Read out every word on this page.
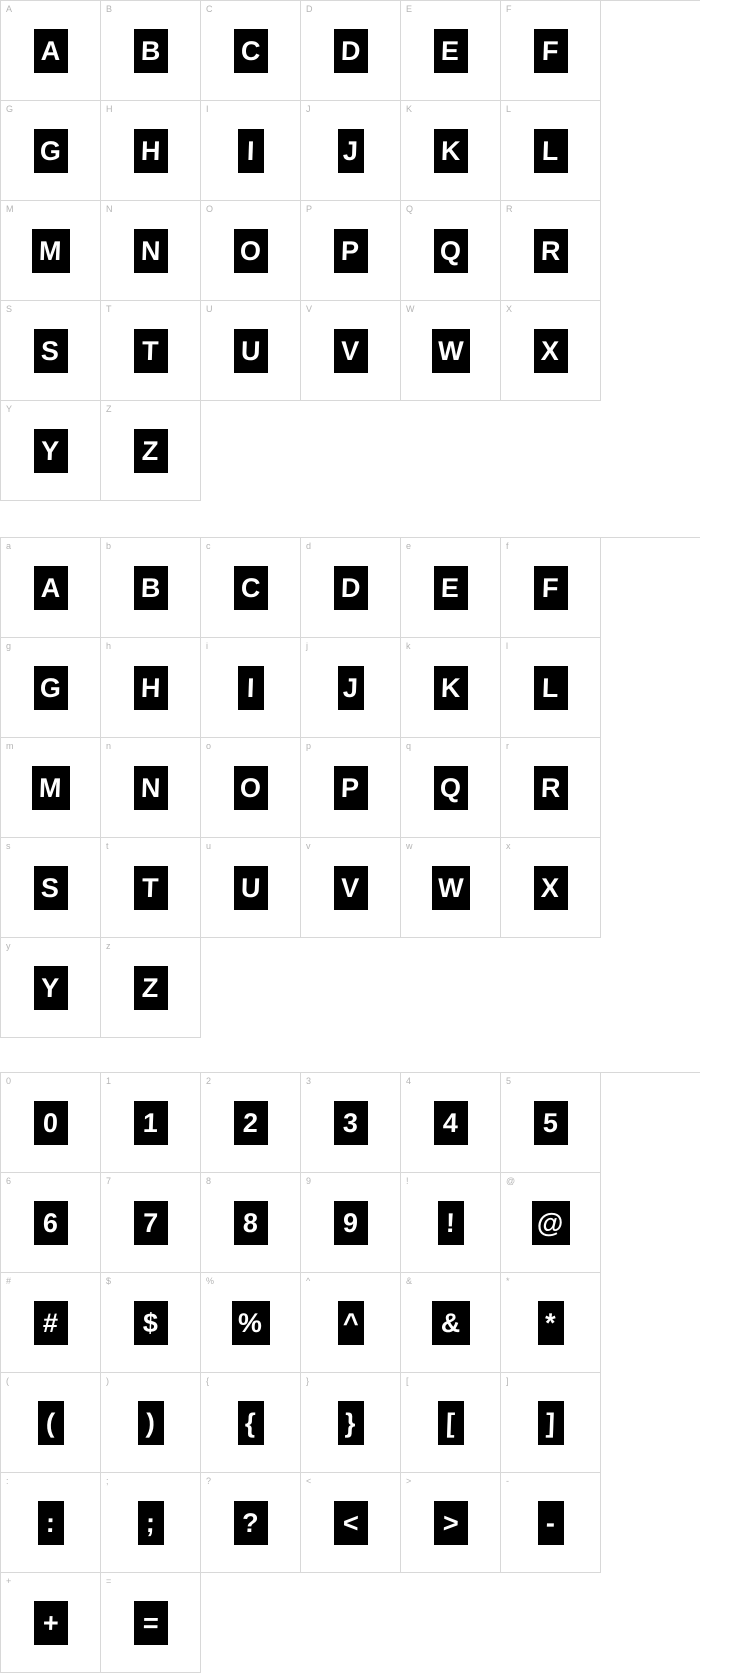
A
A
B
B
C
C
D
D
E
E
F
F
G
G
H
H
I
I
J
J
K
K
L
L
M
M
N
N
O
O
P
P
Q
Q
R
R
S
S
T
T
U
U
V
V
W
W
X
X
Y
Y
Z
Z
a
A
b
B
c
C
d
D
e
E
f
F
g
G
h
H
i
I
j
J
k
K
l
L
m
M
n
N
o
O
p
P
q
Q
r
R
s
S
t
T
u
U
v
V
w
W
x
X
y
Y
z
Z
0
0
1
1
2
2
3
3
4
4
5
5
6
6
7
7
8
8
9
9
!
!
@
@
#
#
$
$
%
%
^
^
&
&
*
*
(
(
)
)
{
{
}
}
[
[
]
]
:
:
;
;
?
?
<
<
>
>
-
-
+
+
=
=
